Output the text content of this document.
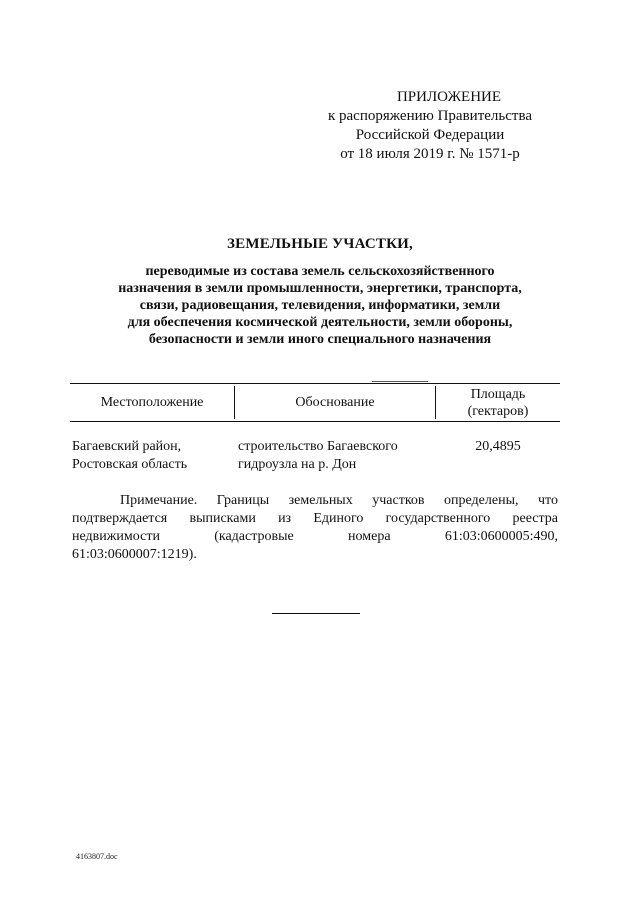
ПРИЛОЖЕНИЕ
к распоряжению Правительства
Российской Федерации
от 18 июля 2019 г. № 1571-р
ЗЕМЕЛЬНЫЕ УЧАСТКИ,
переводимые из состава земель сельскохозяйственного
назначения в земли промышленности, энергетики, транспорта,
связи, радиовещания, телевидения, информатики, земли
для обеспечения космической деятельности, земли обороны,
безопасности и земли иного специального назначения
Местоположение	Обоснование
Площадь
(гектаров)
Багаевский район,
Ростовская область
строительство Багаевского
гидроузла на р. Дон
20,4895
Примечание. Границы земельных участков определены, что
подтверждается выписками из Единого государственного реестра
недвижимости (кадастровые номера 61:03:0600005:490,
61:03:0600007:1219).
4163807.doc
